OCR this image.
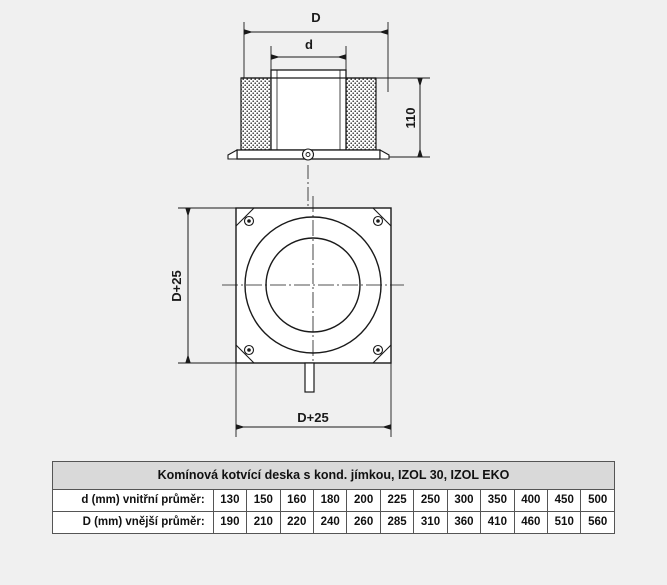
D
d
110
D+25
D+25
Komínová kotvící deska s kond. jímkou, IZOL 30, IZOL EKO												
d (mm) vnitřní průměr:	130	150	160	180	200	225	250	300	350	400	450	500
D (mm) vnější průměr:	190	210	220	240	260	285	310	360	410	460	510	560
